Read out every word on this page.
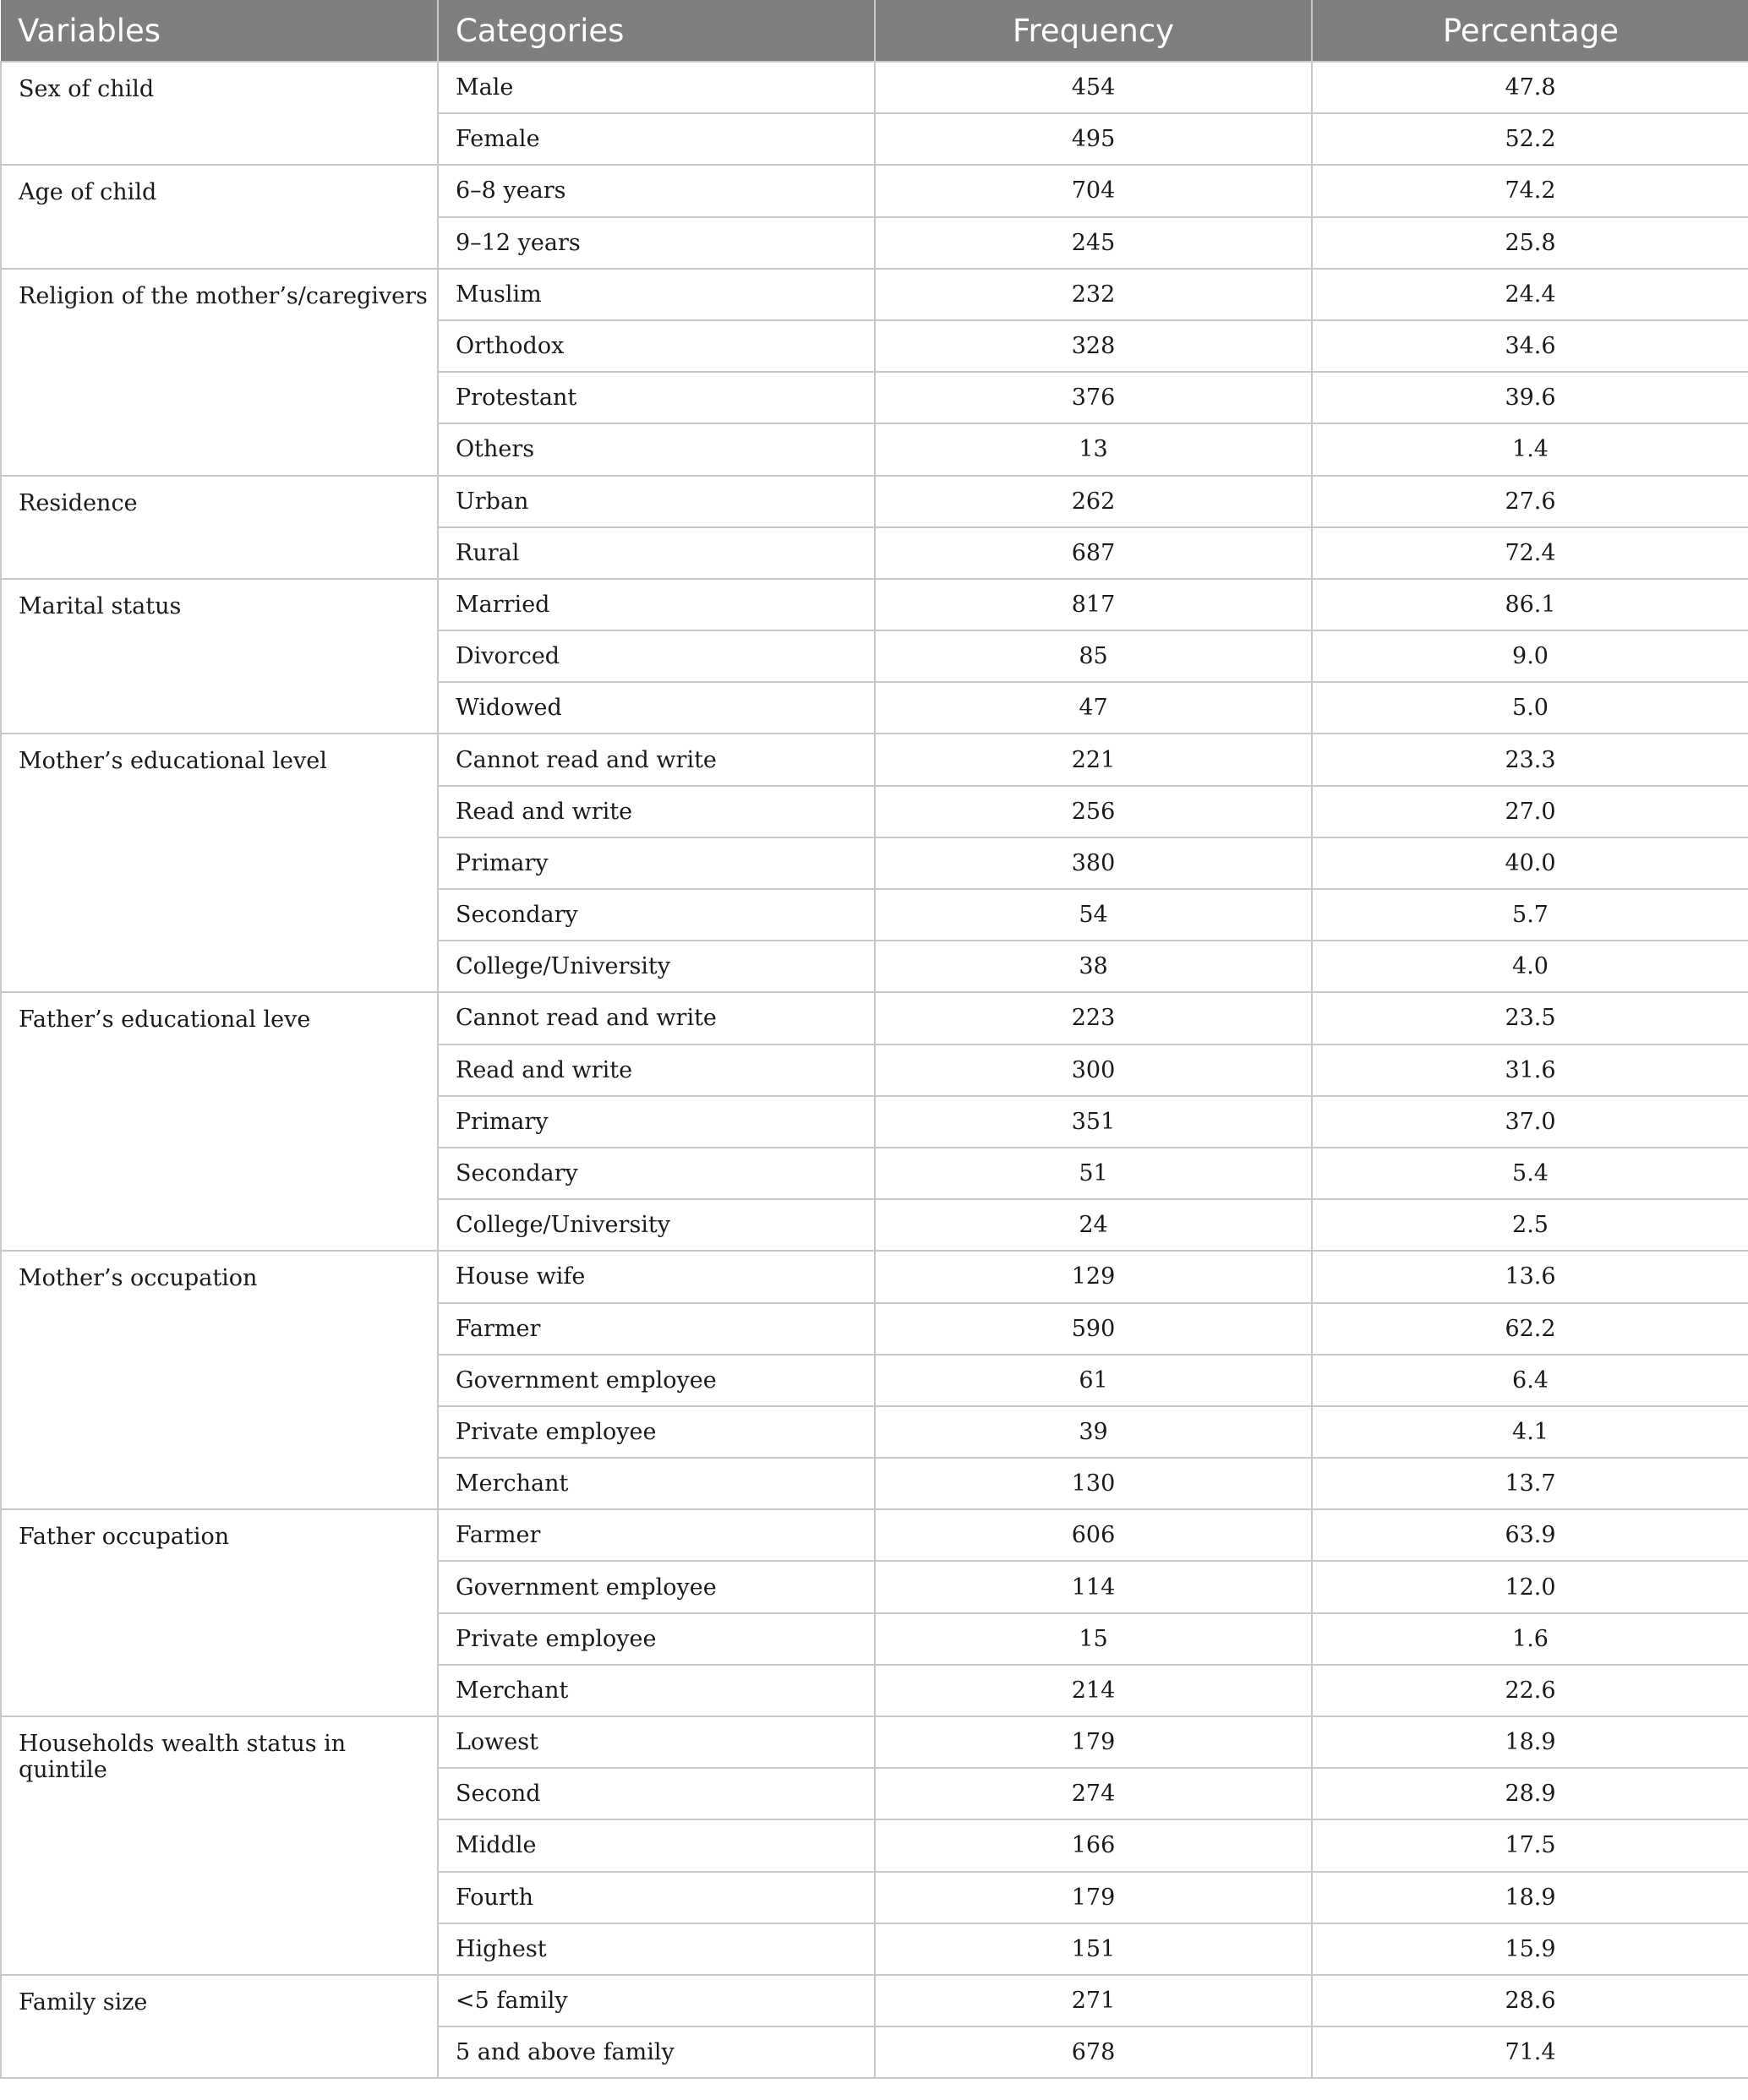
Variables	Categories	Frequency	Percentage
Sex of child	Male	454	47.8
	Female	495	52.2
Age of child	6–8 years	704	74.2
	9–12 years	245	25.8
Religion of the mother’s/caregivers	Muslim	232	24.4
	Orthodox	328	34.6
	Protestant	376	39.6
	Others	13	1.4
Residence	Urban	262	27.6
	Rural	687	72.4
Marital status	Married	817	86.1
	Divorced	85	9.0
	Widowed	47	5.0
Mother’s educational level	Cannot read and write	221	23.3
	Read and write	256	27.0
	Primary	380	40.0
	Secondary	54	5.7
	College/University	38	4.0
Father’s educational leve	Cannot read and write	223	23.5
	Read and write	300	31.6
	Primary	351	37.0
	Secondary	51	5.4
	College/University	24	2.5
Mother’s occupation	House wife	129	13.6
	Farmer	590	62.2
	Government employee	61	6.4
	Private employee	39	4.1
	Merchant	130	13.7
Father occupation	Farmer	606	63.9
	Government employee	114	12.0
	Private employee	15	1.6
	Merchant	214	22.6
Households wealth status in quintile	Lowest	179	18.9
	Second	274	28.9
	Middle	166	17.5
	Fourth	179	18.9
	Highest	151	15.9
Family size	<5 family	271	28.6
	5 and above family	678	71.4
